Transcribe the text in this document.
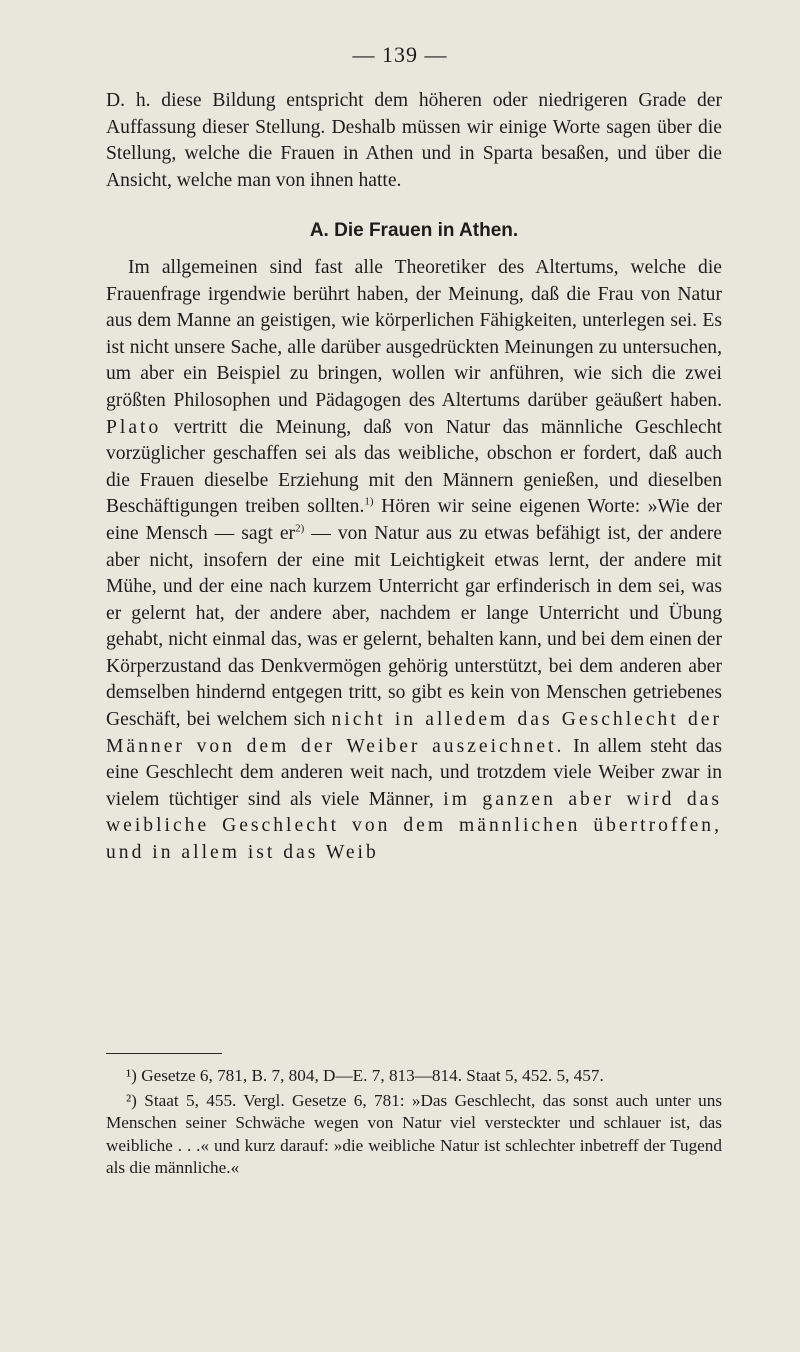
— 139 —

D. h. diese Bildung entspricht dem höheren oder niedrigeren Grade der Auffassung dieser Stellung. Deshalb müssen wir einige Worte sagen über die Stellung, welche die Frauen in Athen und in Sparta besaßen, und über die Ansicht, welche man von ihnen hatte.

A. Die Frauen in Athen.

Im allgemeinen sind fast alle Theoretiker des Altertums, welche die Frauenfrage irgendwie berührt haben, der Meinung, daß die Frau von Natur aus dem Manne an geistigen, wie körperlichen Fähigkeiten, unterlegen sei. Es ist nicht unsere Sache, alle darüber ausgedrückten Meinungen zu untersuchen, um aber ein Beispiel zu bringen, wollen wir anführen, wie sich die zwei größten Philosophen und Pädagogen des Altertums darüber geäußert haben. Plato vertritt die Meinung, daß von Natur das männliche Geschlecht vorzüglicher geschaffen sei als das weibliche, obschon er fordert, daß auch die Frauen dieselbe Erziehung mit den Männern genießen, und dieselben Beschäftigungen treiben sollten.$^{1)}$ Hören wir seine eigenen Worte: »Wie der eine Mensch — sagt $er^{2)}$ — von Natur aus zu etwas befähigt ist, der andere aber nicht, insofern der eine mit Leichtigkeit etwas lernt, der andere mit Mühe, und der eine nach kurzem Unterricht gar erfinderisch in dem sei, was er gelernt hat, der andere aber, nachdem er lange Unterricht und Übung gehabt, nicht einmal das, was er gelernt, behalten kann, und bei dem einen der Körperzustand das Denkvermögen gehörig unterstützt, bei dem anderen aber demselben hindernd entgegen tritt, so gibt es kein von Menschen getriebenes Geschäft, bei welchem sich nicht in alledem das Geschlecht der Männer von dem der Weiber auszeichnet. In allem steht das eine Geschlecht dem anderen weit nach, und trotzdem viele Weiber zwar in vielem tüchtiger sind als viele Männer, im ganzen aber wird das weibliche Geschlecht von dem männlichen übertroffen, und in allem ist das Weib

¹) Gesetze 6, 781, B. 7, 804, D—E. 7, 813—814. Staat 5, 452. 5, 457.

²) Staat 5, 455. Vergl. Gesetze 6, 781: »Das Geschlecht, das sonst auch unter uns Menschen seiner Schwäche wegen von Natur viel versteckter und schlauer ist, das weibliche . . .« und kurz darauf: »die weibliche Natur ist schlechter inbetreff der Tugend als die männliche.«
